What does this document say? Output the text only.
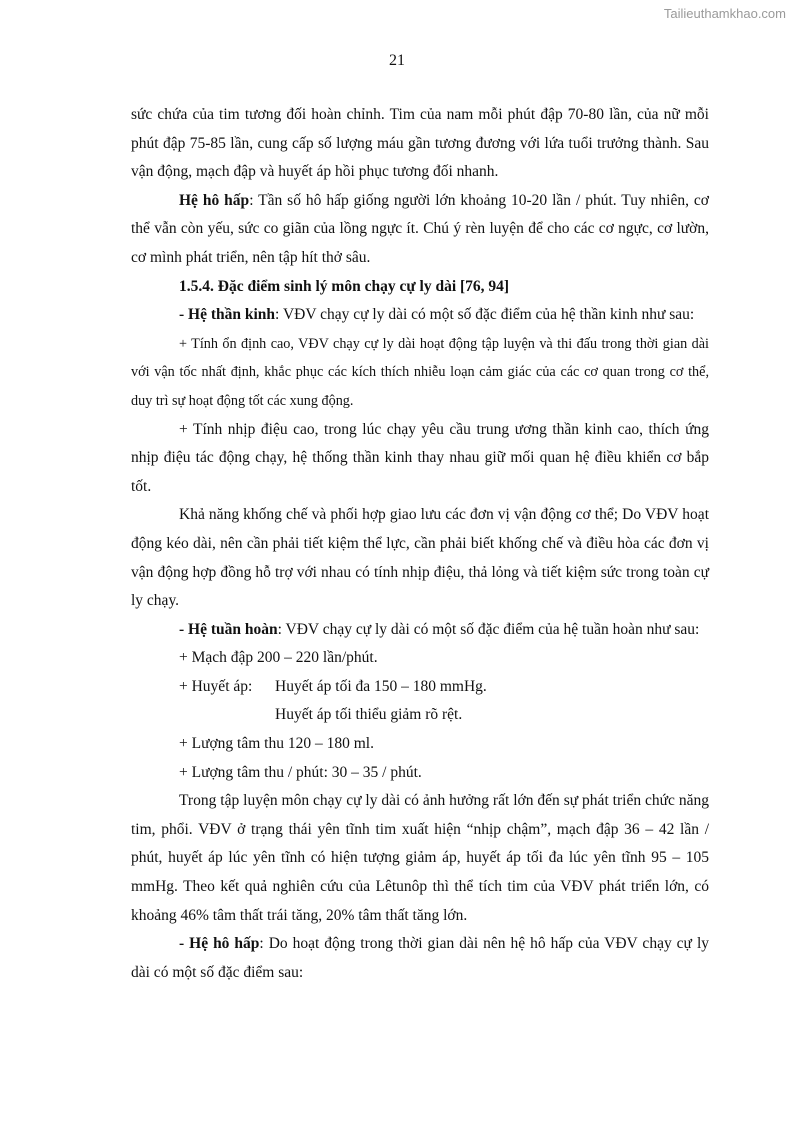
Tailieuthamkhao.com
21

sức chứa của tim tương đối hoàn chỉnh. Tim của nam mỗi phút đập 70-80 lần, của nữ mỗi phút đập 75-85 lần, cung cấp số lượng máu gần tương đương với lứa tuổi trưởng thành. Sau vận động, mạch đập và huyết áp hồi phục tương đối nhanh.

Hệ hô hấp: Tần số hô hấp giống người lớn khoảng 10-20 lần / phút. Tuy nhiên, cơ thể vẫn còn yếu, sức co giãn của lồng ngực ít. Chú ý rèn luyện để cho các cơ ngực, cơ lườn, cơ mình phát triển, nên tập hít thở sâu.

1.5.4. Đặc điểm sinh lý môn chạy cự ly dài [76, 94]

- Hệ thần kinh: VĐV chạy cự ly dài có một số đặc điểm của hệ thần kinh như sau:

+ Tính ổn định cao, VĐV chạy cự ly dài hoạt động tập luyện và thi đấu trong thời gian dài với vận tốc nhất định, khắc phục các kích thích nhiễu loạn cảm giác của các cơ quan trong cơ thể, duy trì sự hoạt động tốt các xung động.

+ Tính nhịp điệu cao, trong lúc chạy yêu cầu trung ương thần kinh cao, thích ứng nhịp điệu tác động chạy, hệ thống thần kinh thay nhau giữ mối quan hệ điều khiển cơ bắp tốt.

Khả năng khống chế và phối hợp giao lưu các đơn vị vận động cơ thể; Do VĐV hoạt động kéo dài, nên cần phải tiết kiệm thể lực, cần phải biết khống chế và điều hòa các đơn vị vận động hợp đồng hỗ trợ với nhau có tính nhịp điệu, thả lỏng và tiết kiệm sức trong toàn cự ly chạy.

- Hệ tuần hoàn: VĐV chạy cự ly dài có một số đặc điểm của hệ tuần hoàn như sau:

+ Mạch đập 200 – 220 lần/phút.

+ Huyết áp: Huyết áp tối đa 150 – 180 mmHg.

Huyết áp tối thiểu giảm rõ rệt.

+ Lượng tâm thu 120 – 180 ml.

+ Lượng tâm thu / phút: 30 – 35 / phút.

Trong tập luyện môn chạy cự ly dài có ảnh hưởng rất lớn đến sự phát triển chức năng tim, phổi. VĐV ở trạng thái yên tĩnh tim xuất hiện “nhịp chậm”, mạch đập 36 – 42 lần / phút, huyết áp lúc yên tĩnh có hiện tượng giảm áp, huyết áp tối đa lúc yên tĩnh 95 – 105 mmHg. Theo kết quả nghiên cứu của Lêtunôp thì thể tích tim của VĐV phát triển lớn, có khoảng 46% tâm thất trái tăng, 20% tâm thất tăng lớn.

- Hệ hô hấp: Do hoạt động trong thời gian dài nên hệ hô hấp của VĐV chạy cự ly dài có một số đặc điểm sau:
